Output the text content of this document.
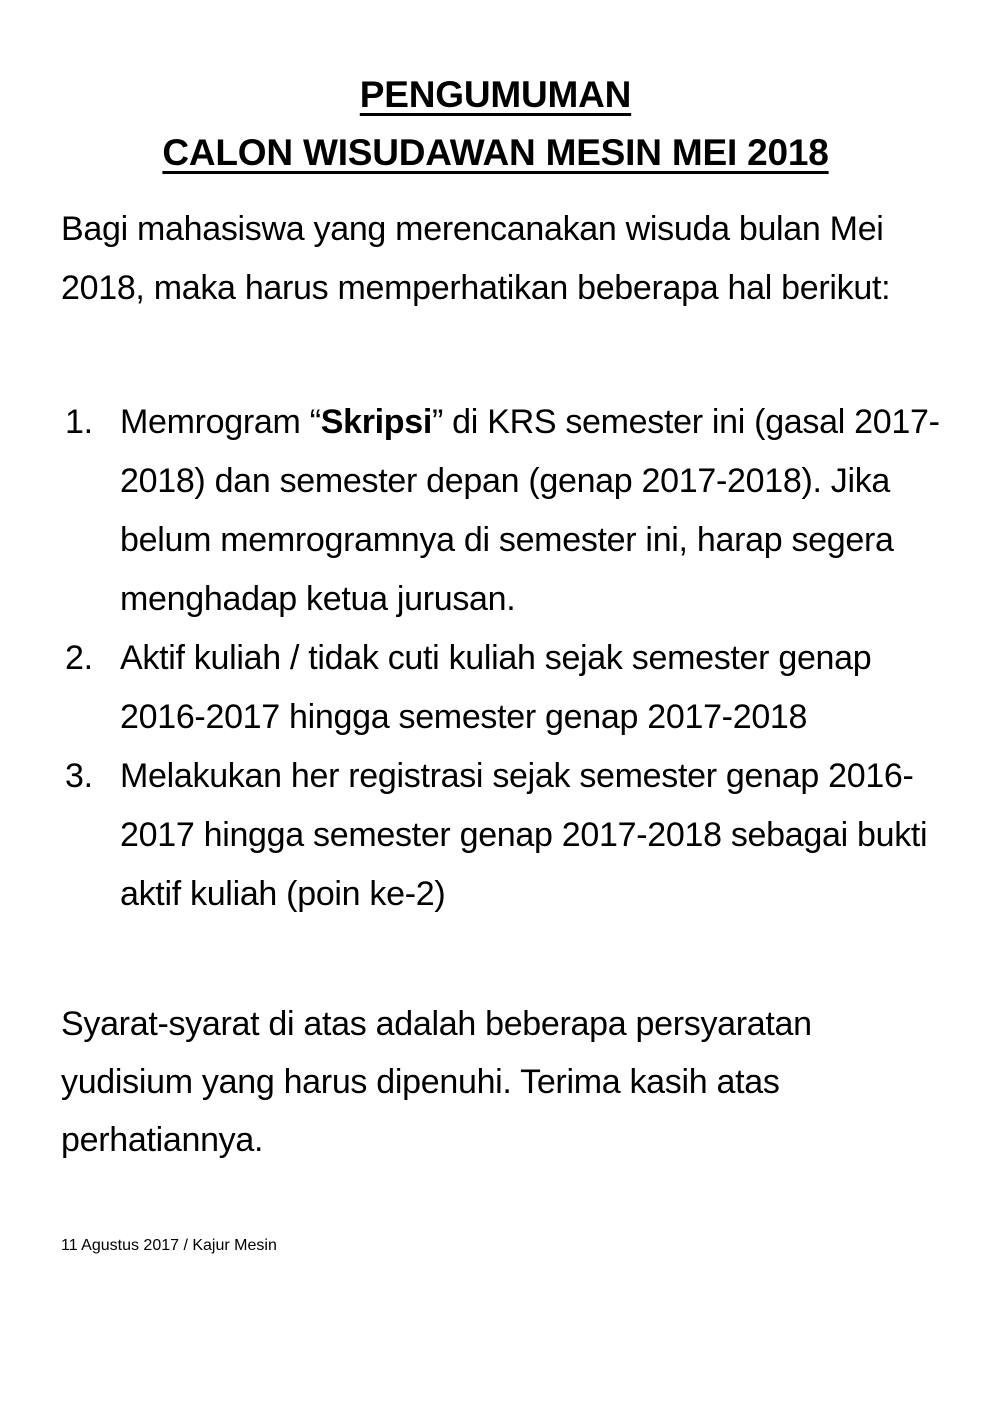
PENGUMUMAN
CALON WISUDAWAN MESIN MEI 2018

Bagi mahasiswa yang merencanakan wisuda bulan Mei 2018, maka harus memperhatikan beberapa hal berikut:

1. Memrogram “Skripsi” di KRS semester ini (gasal 2017-2018) dan semester depan (genap 2017-2018). Jika belum memrogramnya di semester ini, harap segera menghadap ketua jurusan.
2. Aktif kuliah / tidak cuti kuliah sejak semester genap 2016-2017 hingga semester genap 2017-2018
3. Melakukan her registrasi sejak semester genap 2016-2017 hingga semester genap 2017-2018 sebagai bukti aktif kuliah (poin ke-2)

Syarat-syarat di atas adalah beberapa persyaratan yudisium yang harus dipenuhi. Terima kasih atas perhatiannya.

11 Agustus 2017 / Kajur Mesin
